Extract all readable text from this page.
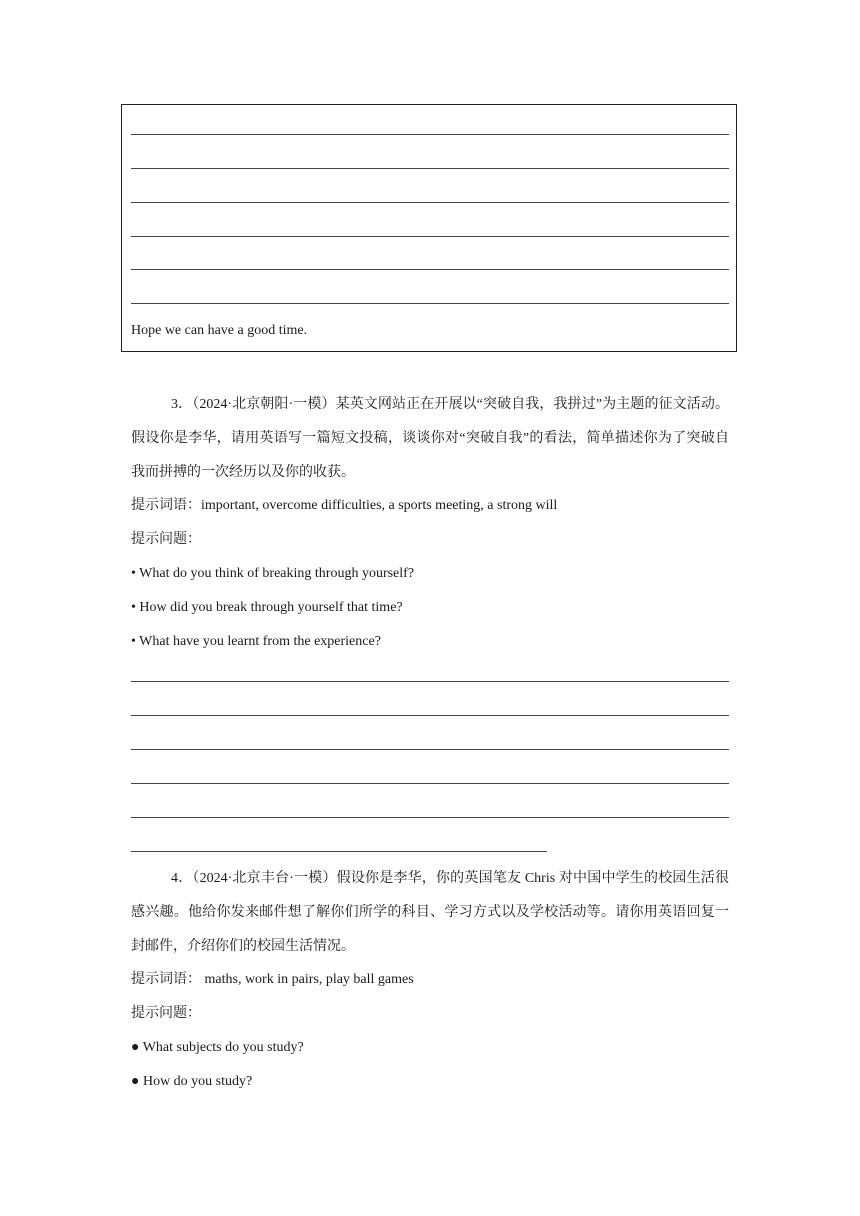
Hope we can have a good time.
3．（2024·北京朝阳·一模）某英文网站正在开展以“突破自我，我拼过”为主题的征文活动。假设你是李华，请用英语写一篇短文投稿，谈谈你对“突破自我”的看法，简单描述你为了突破自我而拼搏的一次经历以及你的收获。
提示词语：important, overcome difficulties, a sports meeting, a strong will
提示问题：
• What do you think of breaking through yourself?
• How did you break through yourself that time?
• What have you learnt from the experience?
4．（2024·北京丰台·一模）假设你是李华，你的英国笔友 Chris 对中国中学生的校园生活很感兴趣。他给你发来邮件想了解你们所学的科目、学习方式以及学校活动等。请你用英语回复一封邮件，介绍你们的校园生活情况。
提示词语： maths, work in pairs, play ball games
提示问题：
● What subjects do you study?
● How do you study?
